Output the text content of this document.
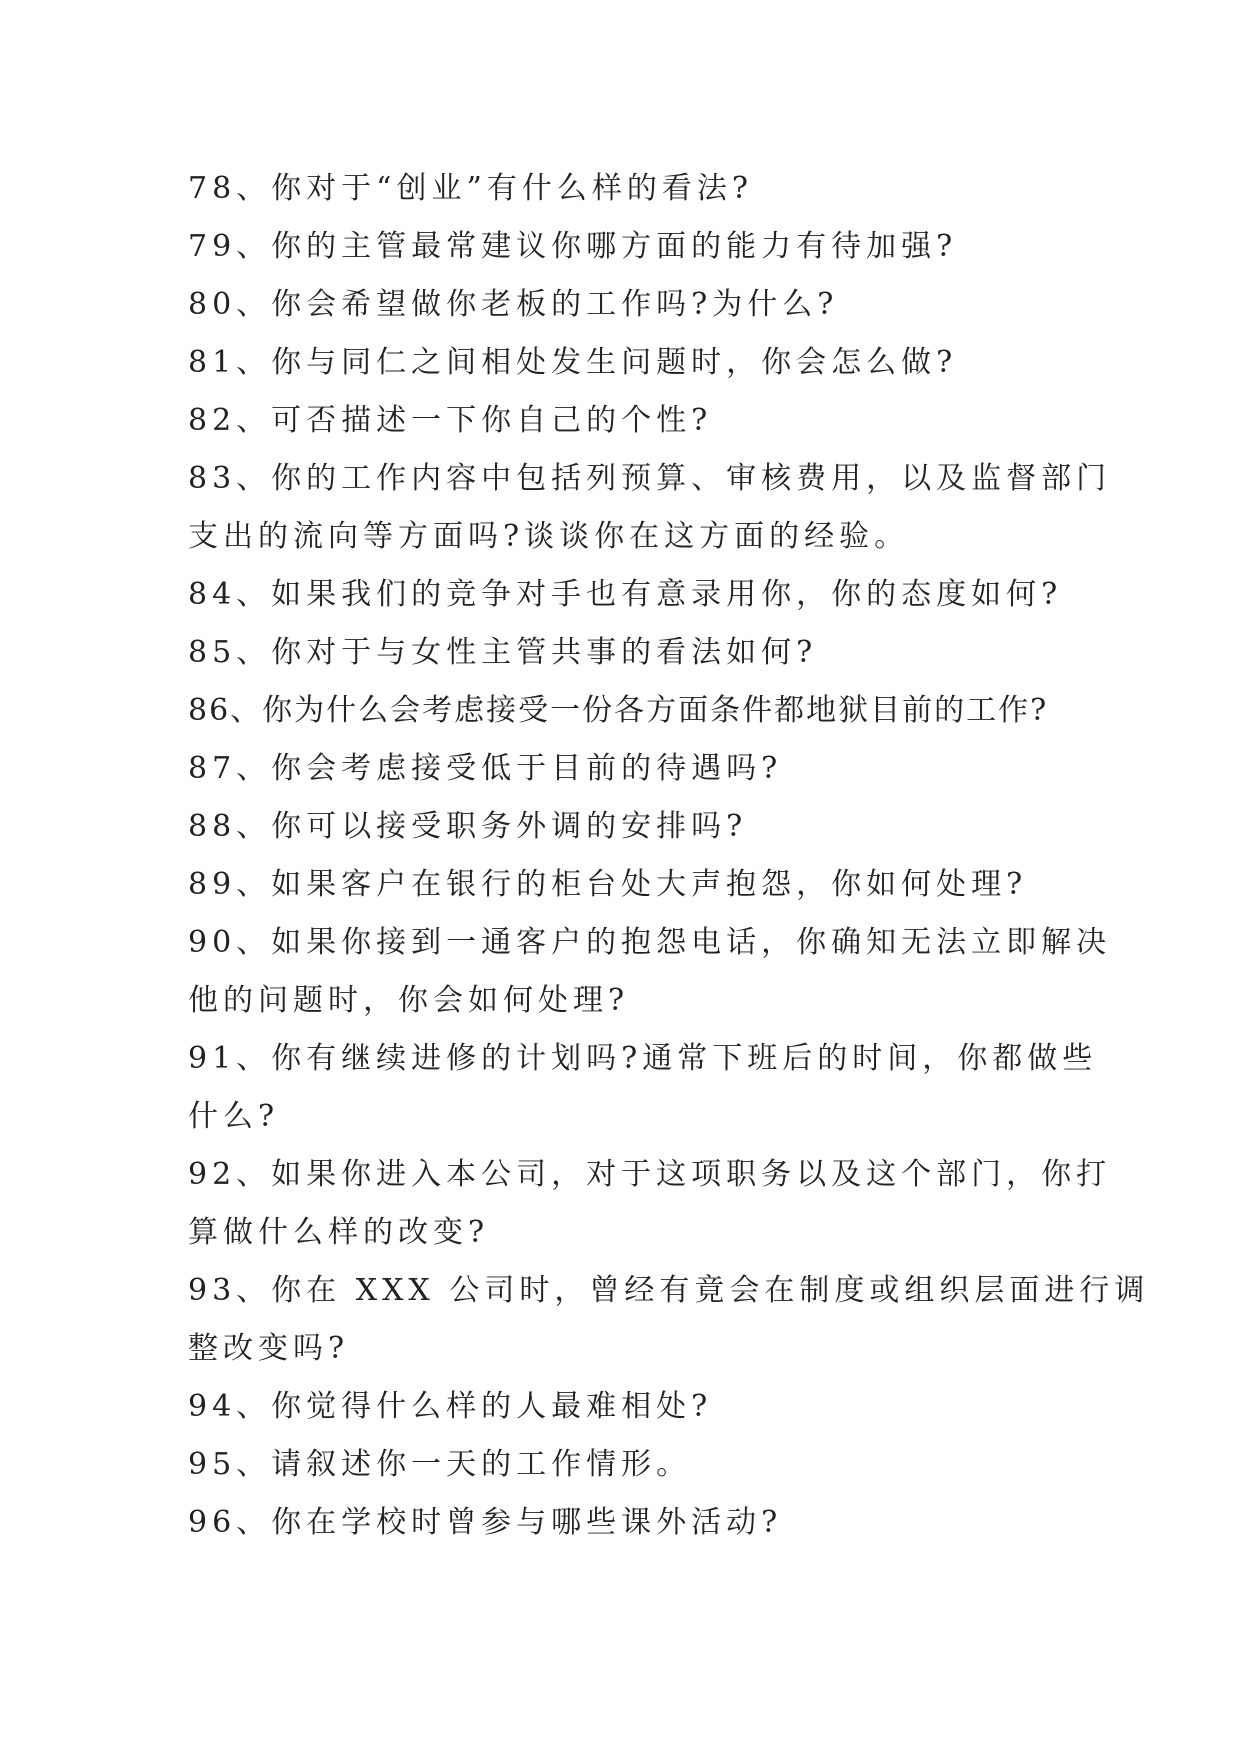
78、你对于“创业”有什么样的看法?
79、你的主管最常建议你哪方面的能力有待加强?
80、你会希望做你老板的工作吗?为什么?
81、你与同仁之间相处发生问题时，你会怎么做?
82、可否描述一下你自己的个性?
83、你的工作内容中包括列预算、审核费用，以及监督部门
支出的流向等方面吗?谈谈你在这方面的经验。
84、如果我们的竞争对手也有意录用你，你的态度如何?
85、你对于与女性主管共事的看法如何?
86、你为什么会考虑接受一份各方面条件都地狱目前的工作?
87、你会考虑接受低于目前的待遇吗?
88、你可以接受职务外调的安排吗?
89、如果客户在银行的柜台处大声抱怨，你如何处理?
90、如果你接到一通客户的抱怨电话，你确知无法立即解决
他的问题时，你会如何处理?
91、你有继续进修的计划吗?通常下班后的时间，你都做些
什么?
92、如果你进入本公司，对于这项职务以及这个部门，你打
算做什么样的改变?
93、你在 XXX 公司时，曾经有竟会在制度或组织层面进行调
整改变吗?
94、你觉得什么样的人最难相处?
95、请叙述你一天的工作情形。
96、你在学校时曾参与哪些课外活动?
